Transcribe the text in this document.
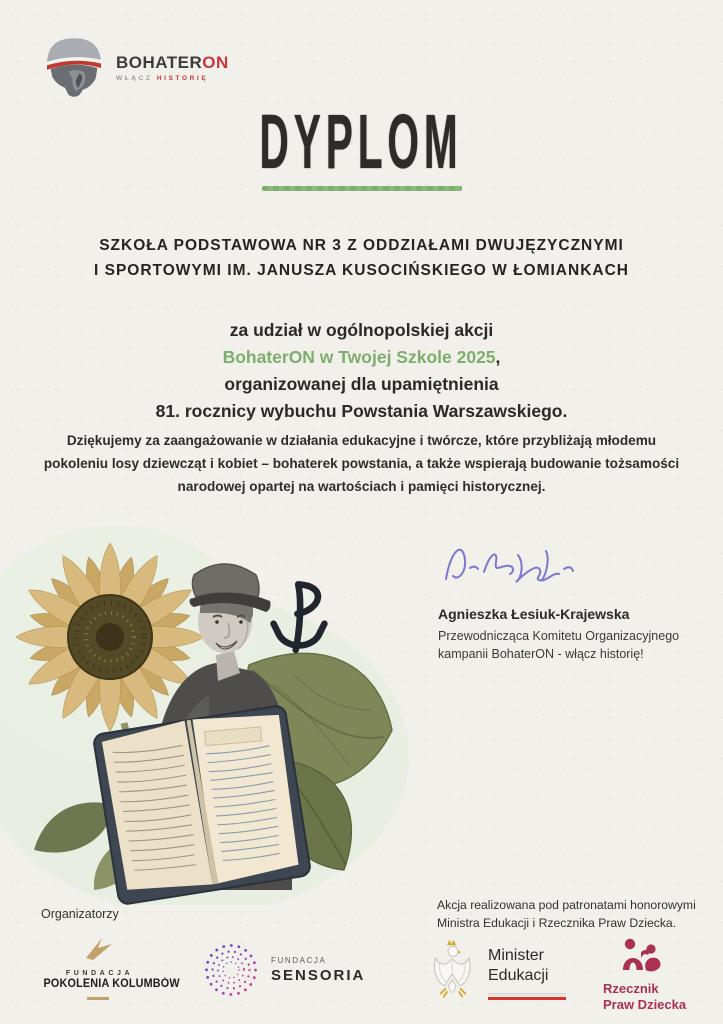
BOHATERON
WŁĄCZ HISTORIĘ
DYPLOM
SZKOŁA PODSTAWOWA NR 3 Z ODDZIAŁAMI DWUJĘZYCZNYMI
I SPORTOWYMI IM. JANUSZA KUSOCIŃSKIEGO W ŁOMIANKACH
za udział w ogólnopolskiej akcji
BohaterON w Twojej Szkole 2025,
organizowanej dla upamiętnienia
81. rocznicy wybuchu Powstania Warszawskiego.
Dziękujemy za zaangażowanie w działania edukacyjne i twórcze, które przybliżają młodemu pokoleniu losy dziewcząt i kobiet – bohaterek powstania, a także wspierają budowanie tożsamości narodowej opartej na wartościach i pamięci historycznej.
Agnieszka Łesiuk-Krajewska
Przewodnicząca Komitetu Organizacyjnego
kampanii BohaterON - włącz historię!
Organizatorzy
FUNDACJA
POKOLENIA KOLUMBÓW
FUNDACJA
SENSORIA
Akcja realizowana pod patronatami honorowymi
Ministra Edukacji i Rzecznika Praw Dziecka.
Minister
Edukacji
Rzecznik
Praw Dziecka
